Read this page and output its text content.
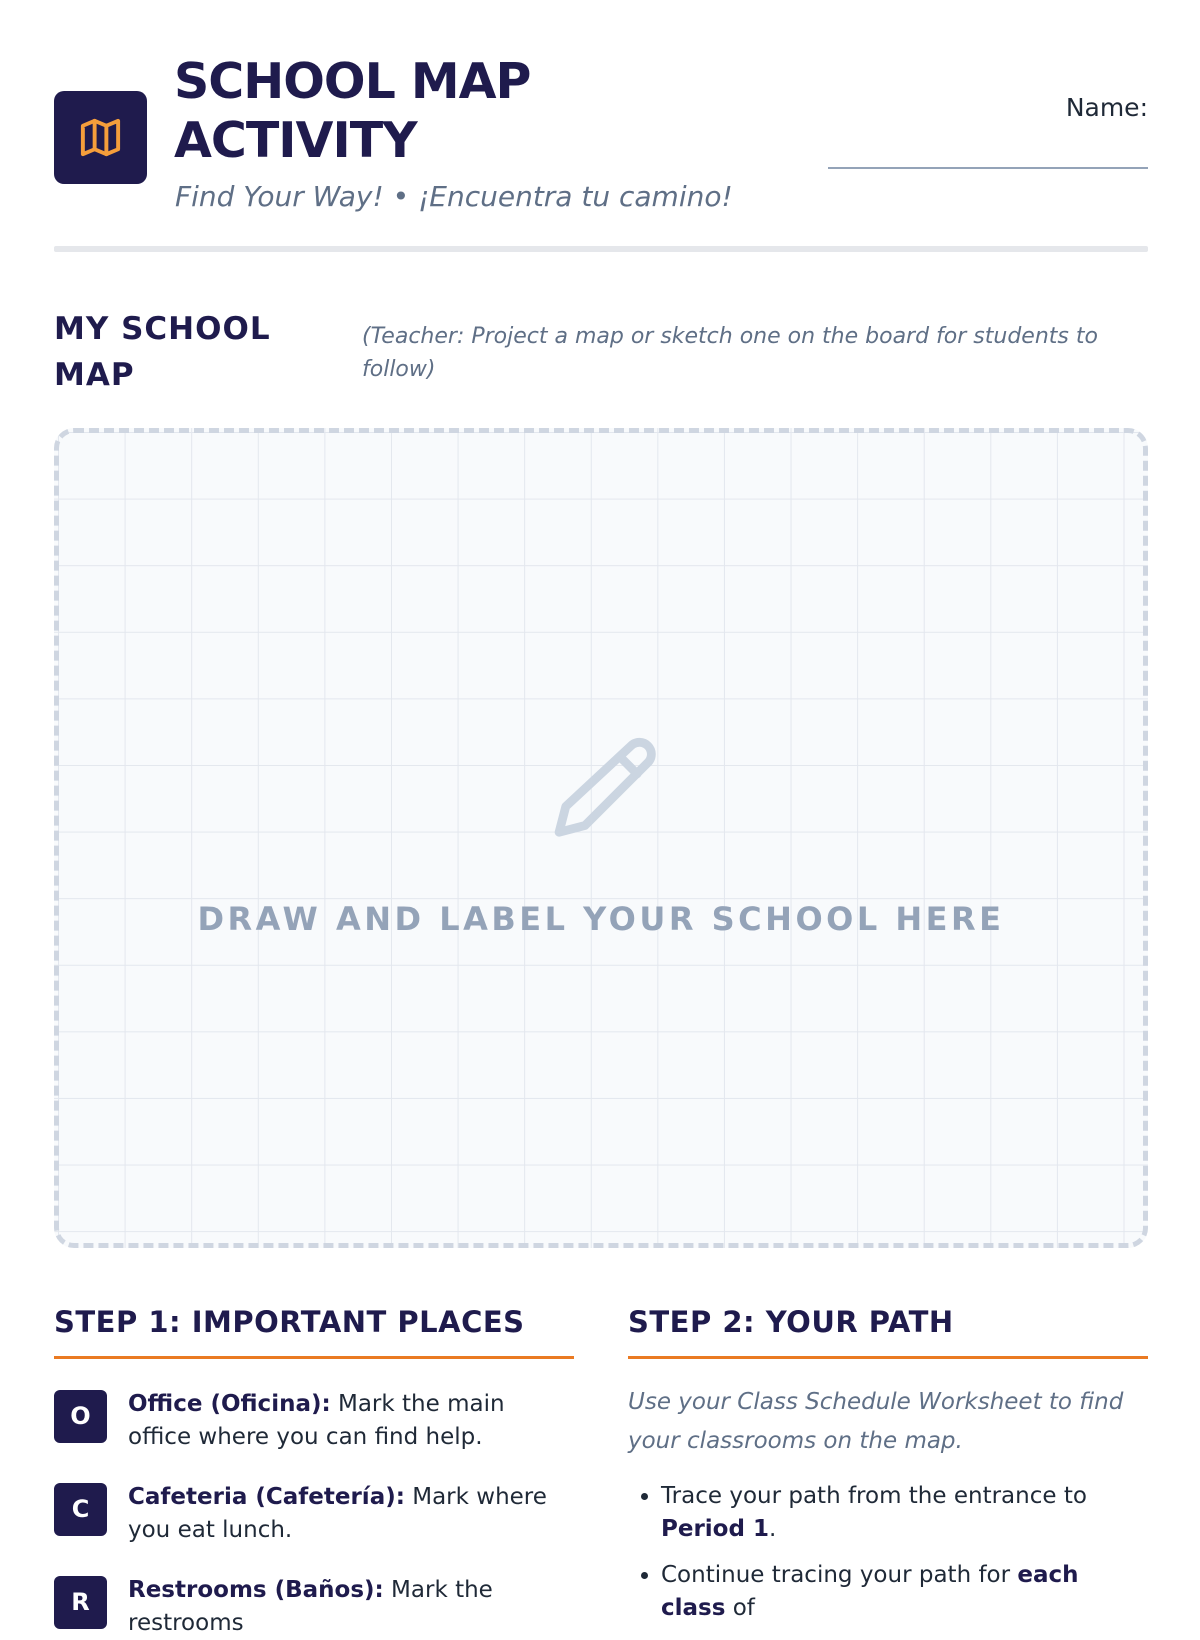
SCHOOL MAP ACTIVITY

Find Your Way! • ¡Encuentra tu camino!

Name:
MY SCHOOL MAP

(Teacher: Project a map or sketch one on the board for students to follow)

DRAW AND LABEL YOUR SCHOOL HERE
STEP 1: IMPORTANT PLACES
O	Office (Oficina): Mark the main office where you can find help.
C	Cafeteria (Cafetería): Mark where you eat lunch.
R	Restrooms (Baños): Mark the restrooms
STEP 2: YOUR PATH

Use your Class Schedule Worksheet to find your classrooms on the map.

• Trace your path from the entrance to Period 1.
• Continue tracing your path for each class of
